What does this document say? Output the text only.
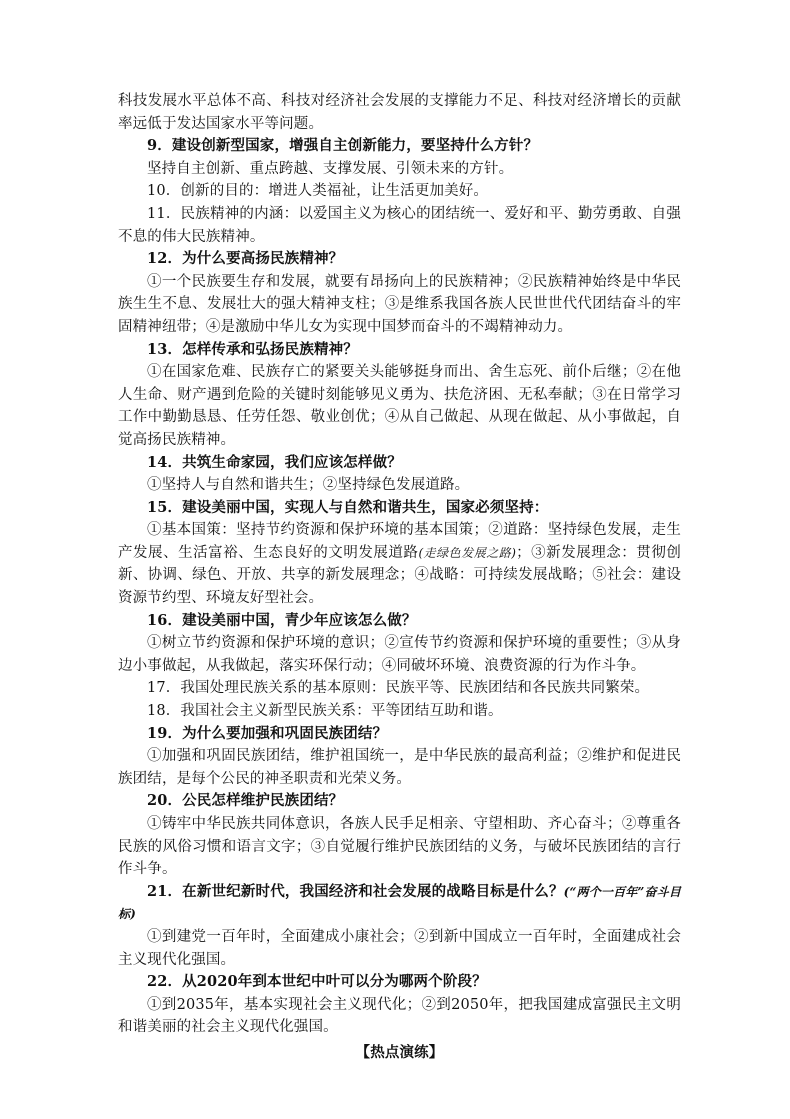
科技发展水平总体不高、科技对经济社会发展的支撑能力不足、科技对经济增长的贡献率远低于发达国家水平等问题。

9．建设创新型国家，增强自主创新能力，要坚持什么方针？

坚持自主创新、重点跨越、支撑发展、引领未来的方针。

10．创新的目的：增进人类福祉，让生活更加美好。

11．民族精神的内涵：以爱国主义为核心的团结统一、爱好和平、勤劳勇敢、自强不息的伟大民族精神。

12．为什么要高扬民族精神？

①一个民族要生存和发展，就要有昂扬向上的民族精神；②民族精神始终是中华民族生生不息、发展壮大的强大精神支柱；③是维系我国各族人民世世代代团结奋斗的牢固精神纽带；④是激励中华儿女为实现中国梦而奋斗的不竭精神动力。

13．怎样传承和弘扬民族精神？

①在国家危难、民族存亡的紧要关头能够挺身而出、舍生忘死、前仆后继；②在他人生命、财产遇到危险的关键时刻能够见义勇为、扶危济困、无私奉献；③在日常学习工作中勤勤恳恳、任劳任怨、敬业创优；④从自己做起、从现在做起、从小事做起，自觉高扬民族精神。

14．共筑生命家园，我们应该怎样做？

①坚持人与自然和谐共生；②坚持绿色发展道路。

15．建设美丽中国，实现人与自然和谐共生，国家必须坚持：

①基本国策：坚持节约资源和保护环境的基本国策；②道路：坚持绿色发展，走生产发展、生活富裕、生态良好的文明发展道路(走绿色发展之路)；③新发展理念：贯彻创新、协调、绿色、开放、共享的新发展理念；④战略：可持续发展战略；⑤社会：建设资源节约型、环境友好型社会。

16．建设美丽中国，青少年应该怎么做？

①树立节约资源和保护环境的意识；②宣传节约资源和保护环境的重要性；③从身边小事做起，从我做起，落实环保行动；④同破坏环境、浪费资源的行为作斗争。

17．我国处理民族关系的基本原则：民族平等、民族团结和各民族共同繁荣。

18．我国社会主义新型民族关系：平等团结互助和谐。

19．为什么要加强和巩固民族团结？

①加强和巩固民族团结，维护祖国统一，是中华民族的最高利益；②维护和促进民族团结，是每个公民的神圣职责和光荣义务。

20．公民怎样维护民族团结？

①铸牢中华民族共同体意识，各族人民手足相亲、守望相助、齐心奋斗；②尊重各民族的风俗习惯和语言文字；③自觉履行维护民族团结的义务，与破坏民族团结的言行作斗争。

21．在新世纪新时代，我国经济和社会发展的战略目标是什么？(“两个一百年”奋斗目标)

①到建党一百年时，全面建成小康社会；②到新中国成立一百年时，全面建成社会主义现代化强国。

22．从2020年到本世纪中叶可以分为哪两个阶段？

①到2035年，基本实现社会主义现代化；②到2050年，把我国建成富强民主文明和谐美丽的社会主义现代化强国。

【热点演练】
